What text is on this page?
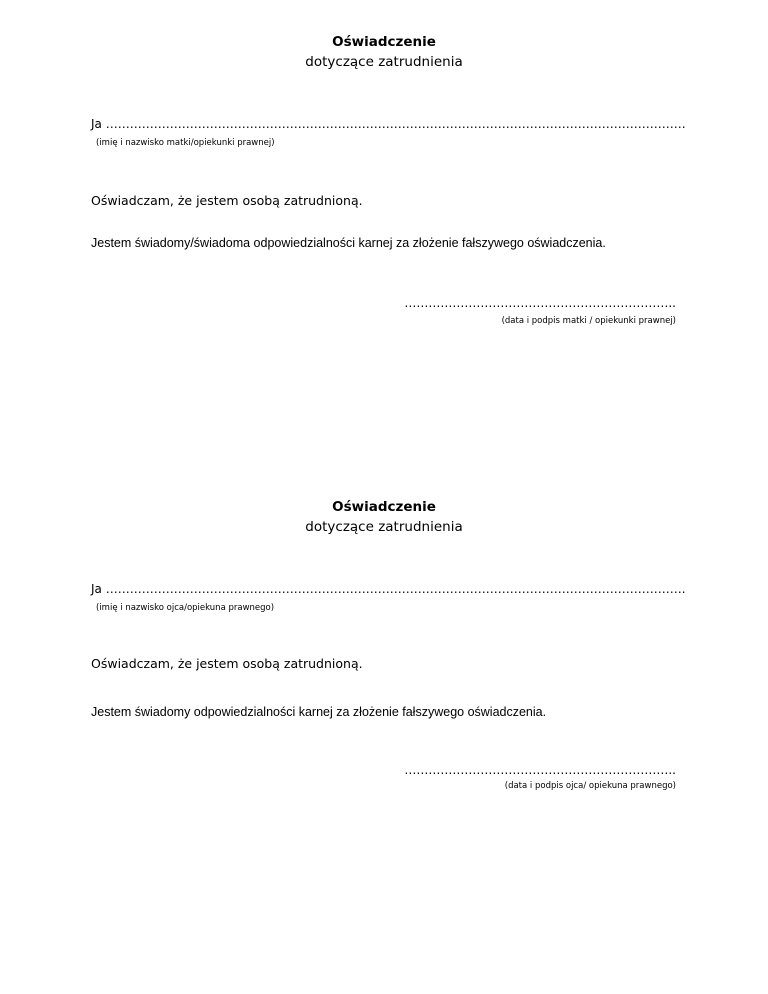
Oświadczenie
dotyczące zatrudnienia
Ja ……………………………………………………………………………………………………………………………….
(imię i nazwisko matki/opiekunki prawnej)
Oświadczam, że jestem osobą zatrudnioną.
Jestem świadomy/świadoma odpowiedzialności karnej za złożenie fałszywego oświadczenia.
…………………………………………………………..
(data i podpis matki / opiekunki prawnej)
Oświadczenie
dotyczące zatrudnienia
Ja ……………………………………………………………………………………………………………………………….
(imię i nazwisko ojca/opiekuna prawnego)
Oświadczam, że jestem osobą zatrudnioną.
Jestem świadomy odpowiedzialności karnej za złożenie fałszywego oświadczenia.
…………………………………………………………..
(data i podpis ojca/ opiekuna prawnego)
